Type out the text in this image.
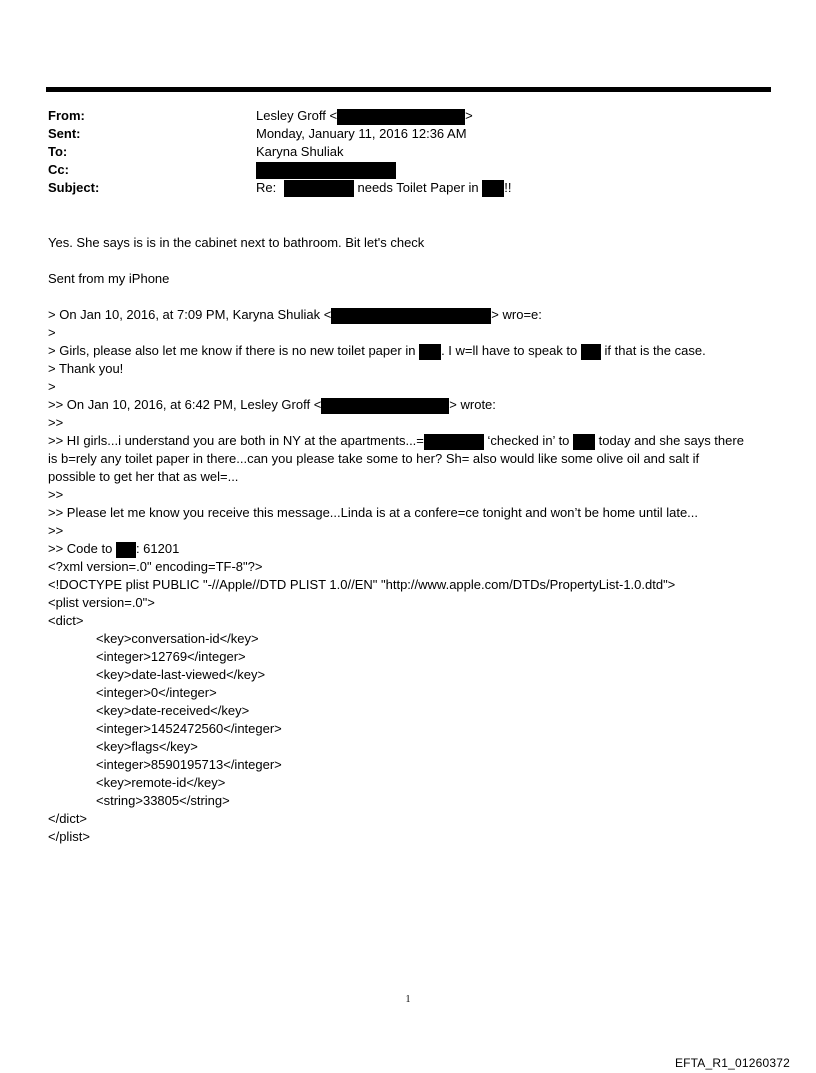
From:	Lesley Groff <	>
Sent:	Monday, January 11, 2016 12:36 AM
To:	Karyna Shuliak
Cc:
Subject:	Re:	needs Toilet Paper in !!
Yes. She says is is in the cabinet next to bathroom. Bit let's check
Sent from my iPhone
> On Jan 10, 2016, at 7:09 PM, Karyna Shuliak <	> wro=e:
>
> Girls, please also let me know if there is no new toilet paper in . I w=ll have to speak to if that is the case.
> Thank you!
>
>> On Jan 10, 2016, at 6:42 PM, Lesley Groff <	> wrote:
>>
>> HI girls...i understand you are both in NY at the apartments...=	‘checked in’ to today and she says there
is b=rely any toilet paper in there...can you please take some to her? Sh= also would like some olive oil and salt if
possible to get her that as wel=...
>>
>> Please let me know you receive this message...Linda is at a confere=ce tonight and won’t be home until late...
>>
>> Code to : 61201
<?xml version=.0" encoding=TF-8"?>
<!DOCTYPE plist PUBLIC "-//Apple//DTD PLIST 1.0//EN" "http://www.apple.com/DTDs/PropertyList-1.0.dtd">
<plist version=.0">
<dict>
<key>conversation-id</key>
<integer>12769</integer>
<key>date-last-viewed</key>
<integer>0</integer>
<key>date-received</key>
<integer>1452472560</integer>
<key>flags</key>
<integer>8590195713</integer>
<key>remote-id</key>
<string>33805</string>
</dict>
</plist>
1
EFTA_R1_01260372
